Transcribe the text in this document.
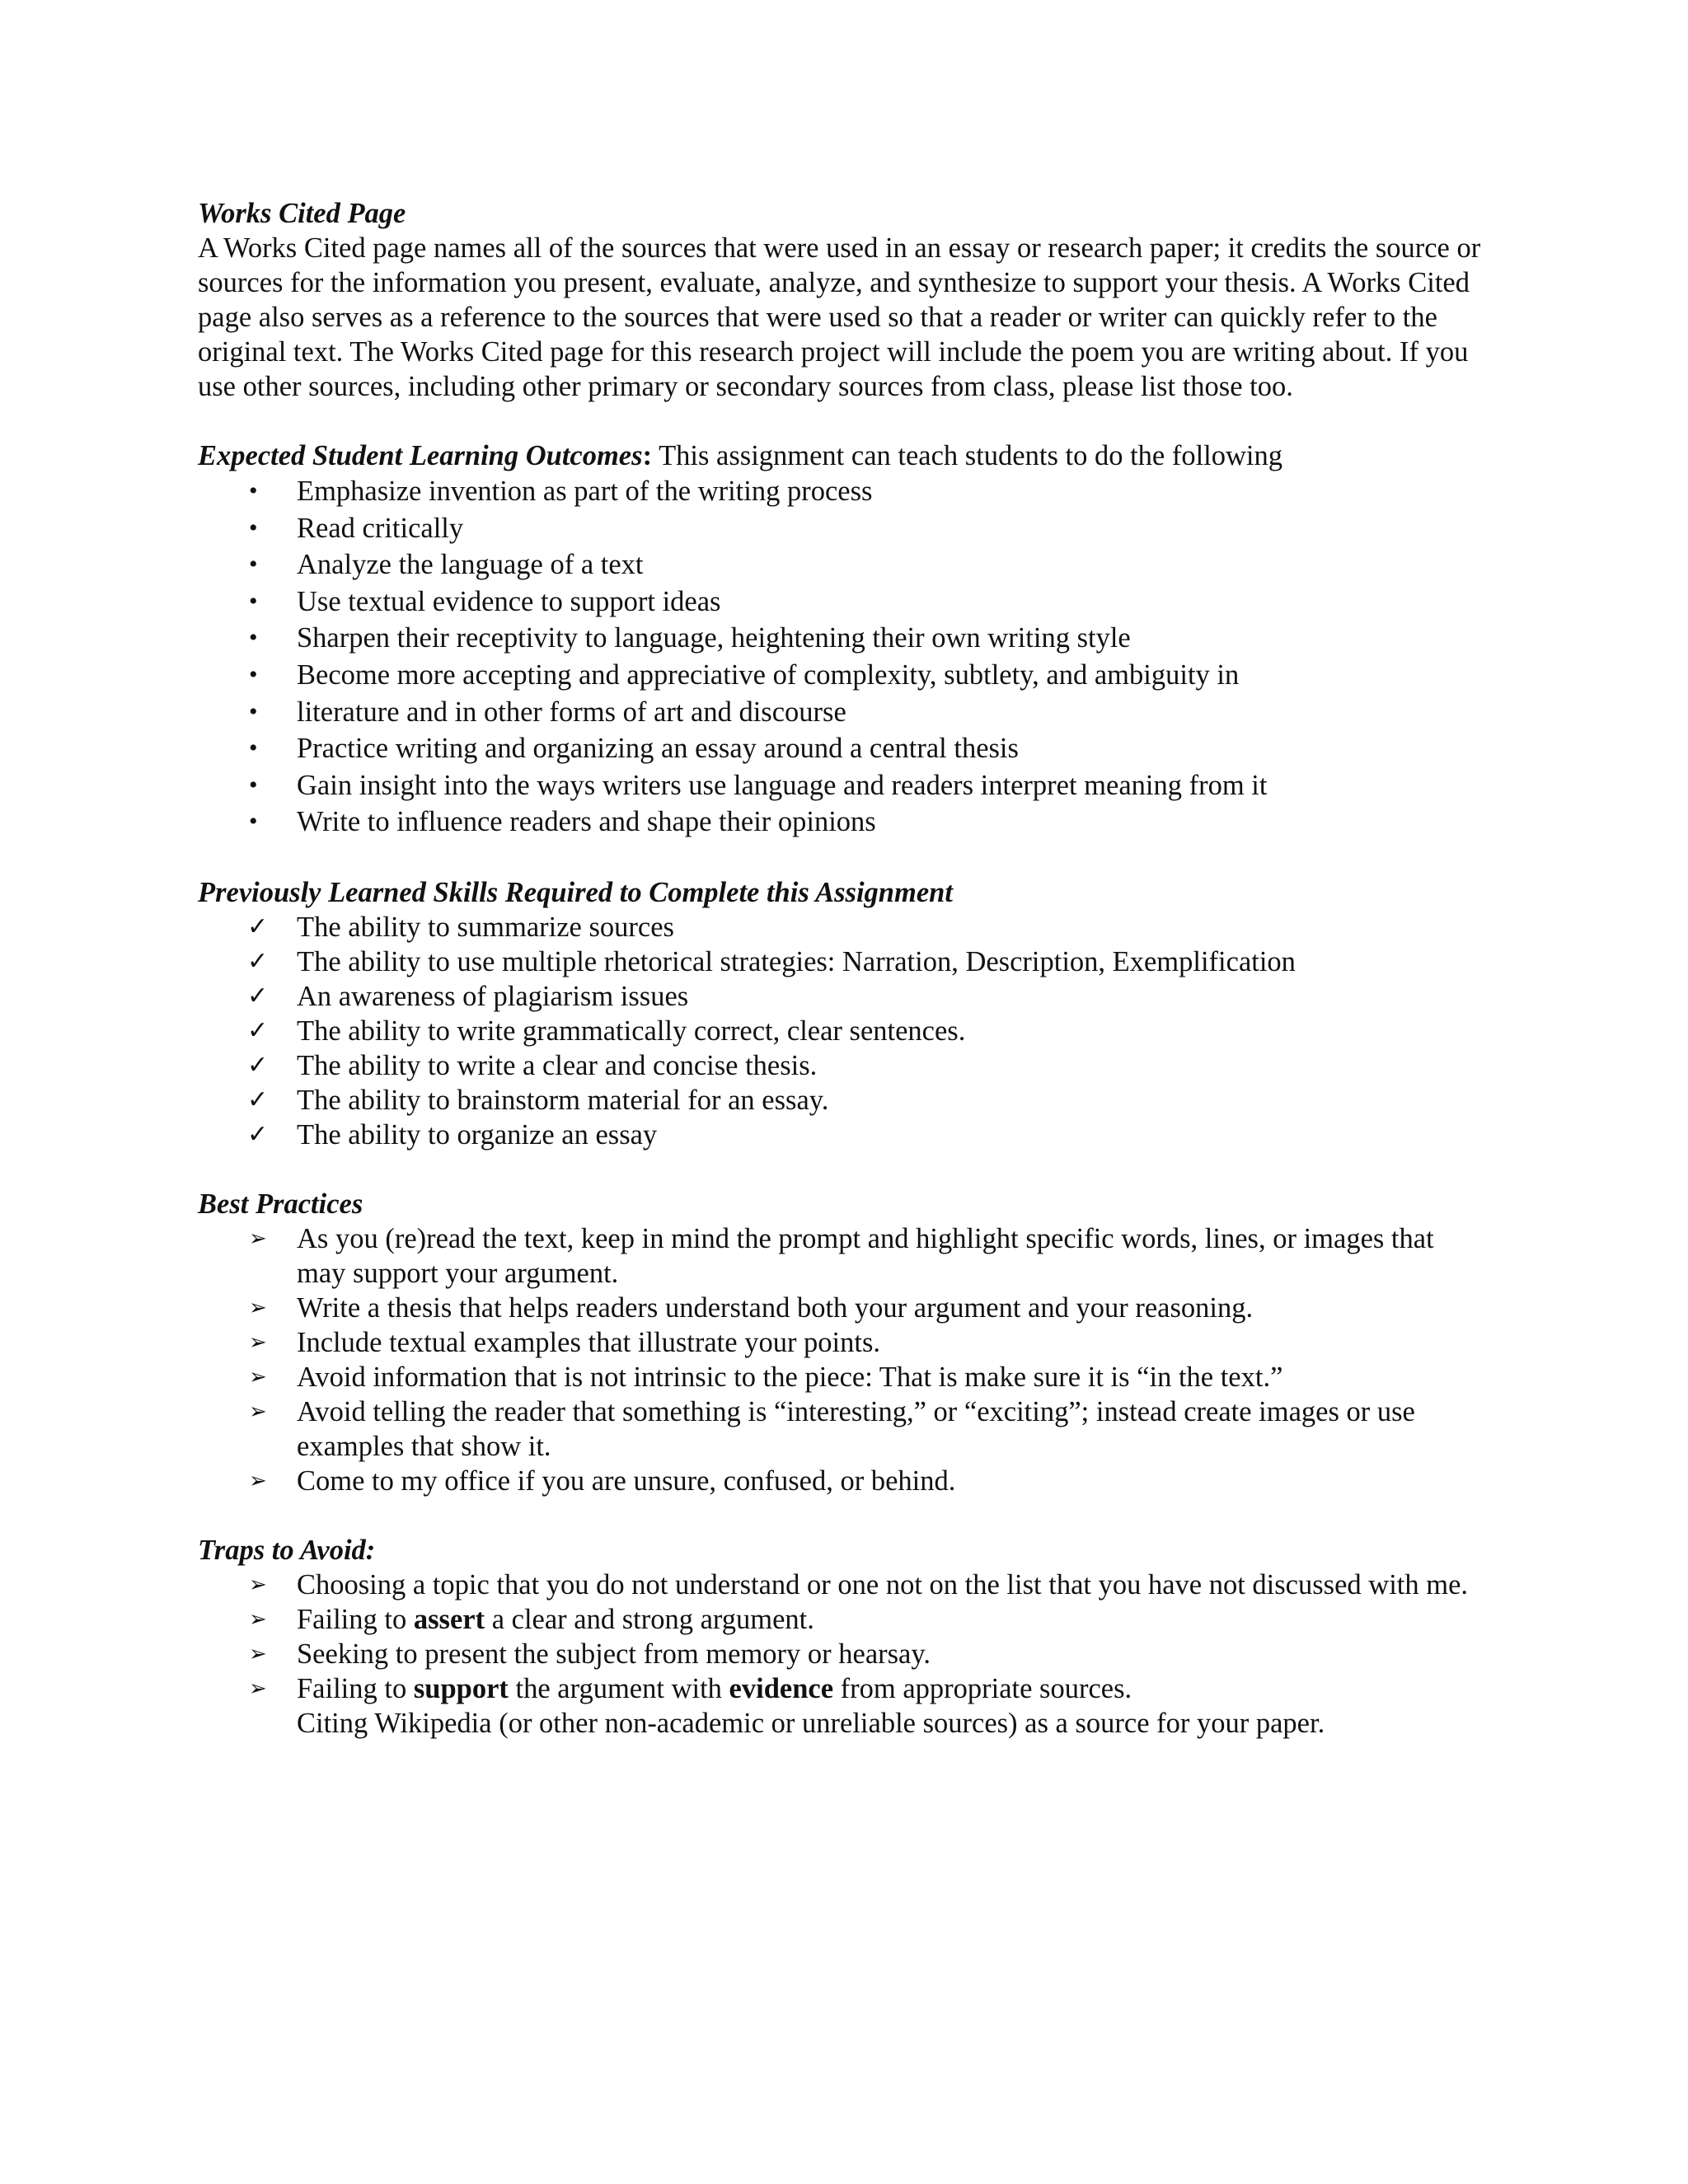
Works Cited Page

A Works Cited page names all of the sources that were used in an essay or research paper; it credits the source or sources for the information you present, evaluate, analyze, and synthesize to support your thesis. A Works Cited page also serves as a reference to the sources that were used so that a reader or writer can quickly refer to the original text. The Works Cited page for this research project will include the poem you are writing about. If you use other sources, including other primary or secondary sources from class, please list those too.

Expected Student Learning Outcomes: This assignment can teach students to do the following

•	Emphasize invention as part of the writing process
•	Read critically
•	Analyze the language of a text
•	Use textual evidence to support ideas
•	Sharpen their receptivity to language, heightening their own writing style
•	Become more accepting and appreciative of complexity, subtlety, and ambiguity in
•	literature and in other forms of art and discourse
•	Practice writing and organizing an essay around a central thesis
•	Gain insight into the ways writers use language and readers interpret meaning from it
•	Write to influence readers and shape their opinions

Previously Learned Skills Required to Complete this Assignment

✓	The ability to summarize sources
✓	The ability to use multiple rhetorical strategies: Narration, Description, Exemplification
✓	An awareness of plagiarism issues
✓	The ability to write grammatically correct, clear sentences.
✓	The ability to write a clear and concise thesis.
✓	The ability to brainstorm material for an essay.
✓	The ability to organize an essay

Best Practices

➢	As you (re)read the text, keep in mind the prompt and highlight specific words, lines, or images that may support your argument.
➢	Write a thesis that helps readers understand both your argument and your reasoning.
➢	Include textual examples that illustrate your points.
➢	Avoid information that is not intrinsic to the piece: That is make sure it is “in the text.”
➢	Avoid telling the reader that something is “interesting,” or “exciting”; instead create images or use examples that show it.
➢	Come to my office if you are unsure, confused, or behind.

Traps to Avoid:

➢	Choosing a topic that you do not understand or one not on the list that you have not discussed with me.
➢	Failing to assert a clear and strong argument.
➢	Seeking to present the subject from memory or hearsay.
➢	Failing to support the argument with evidence from appropriate sources.

Citing Wikipedia (or other non-academic or unreliable sources) as a source for your paper.
